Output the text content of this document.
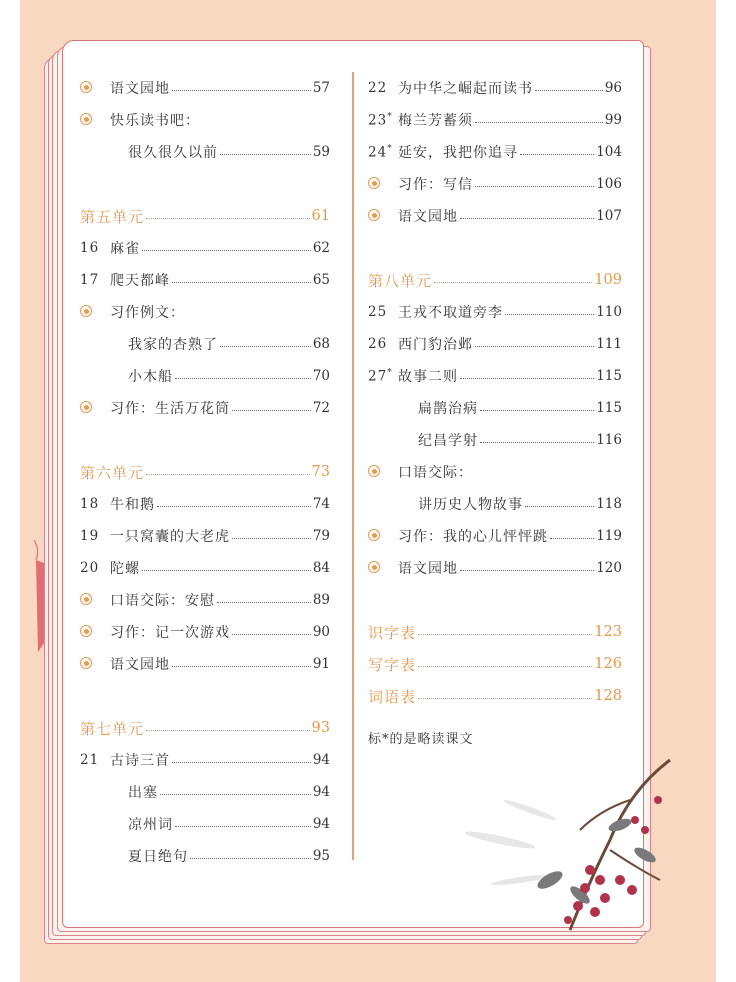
语文园地	57
快乐读书吧：
很久很久以前	59
第五单元	61
16 麻雀	62
17 爬天都峰	65
习作例文：
我家的杏熟了	68
小木船	70
习作：生活万花筒	72
第六单元	73
18 牛和鹅	74
19 一只窝囊的大老虎	79
20 陀螺	84
口语交际：安慰	89
习作：记一次游戏	90
语文园地	91
第七单元	93
21 古诗三首	94
出塞	94
凉州词	94
夏日绝句	95
22 为中华之崛起而读书	96
23* 梅兰芳蓄须	99
24* 延安，我把你追寻	104
习作：写信	106
语文园地	107
第八单元	109
25 王戎不取道旁李	110
26 西门豹治邺	111
27* 故事二则	115
扁鹊治病	115
纪昌学射	116
口语交际：
讲历史人物故事	118
习作：我的心儿怦怦跳	119
语文园地	120
识字表	123
写字表	126
词语表	128
标*的是略读课文
